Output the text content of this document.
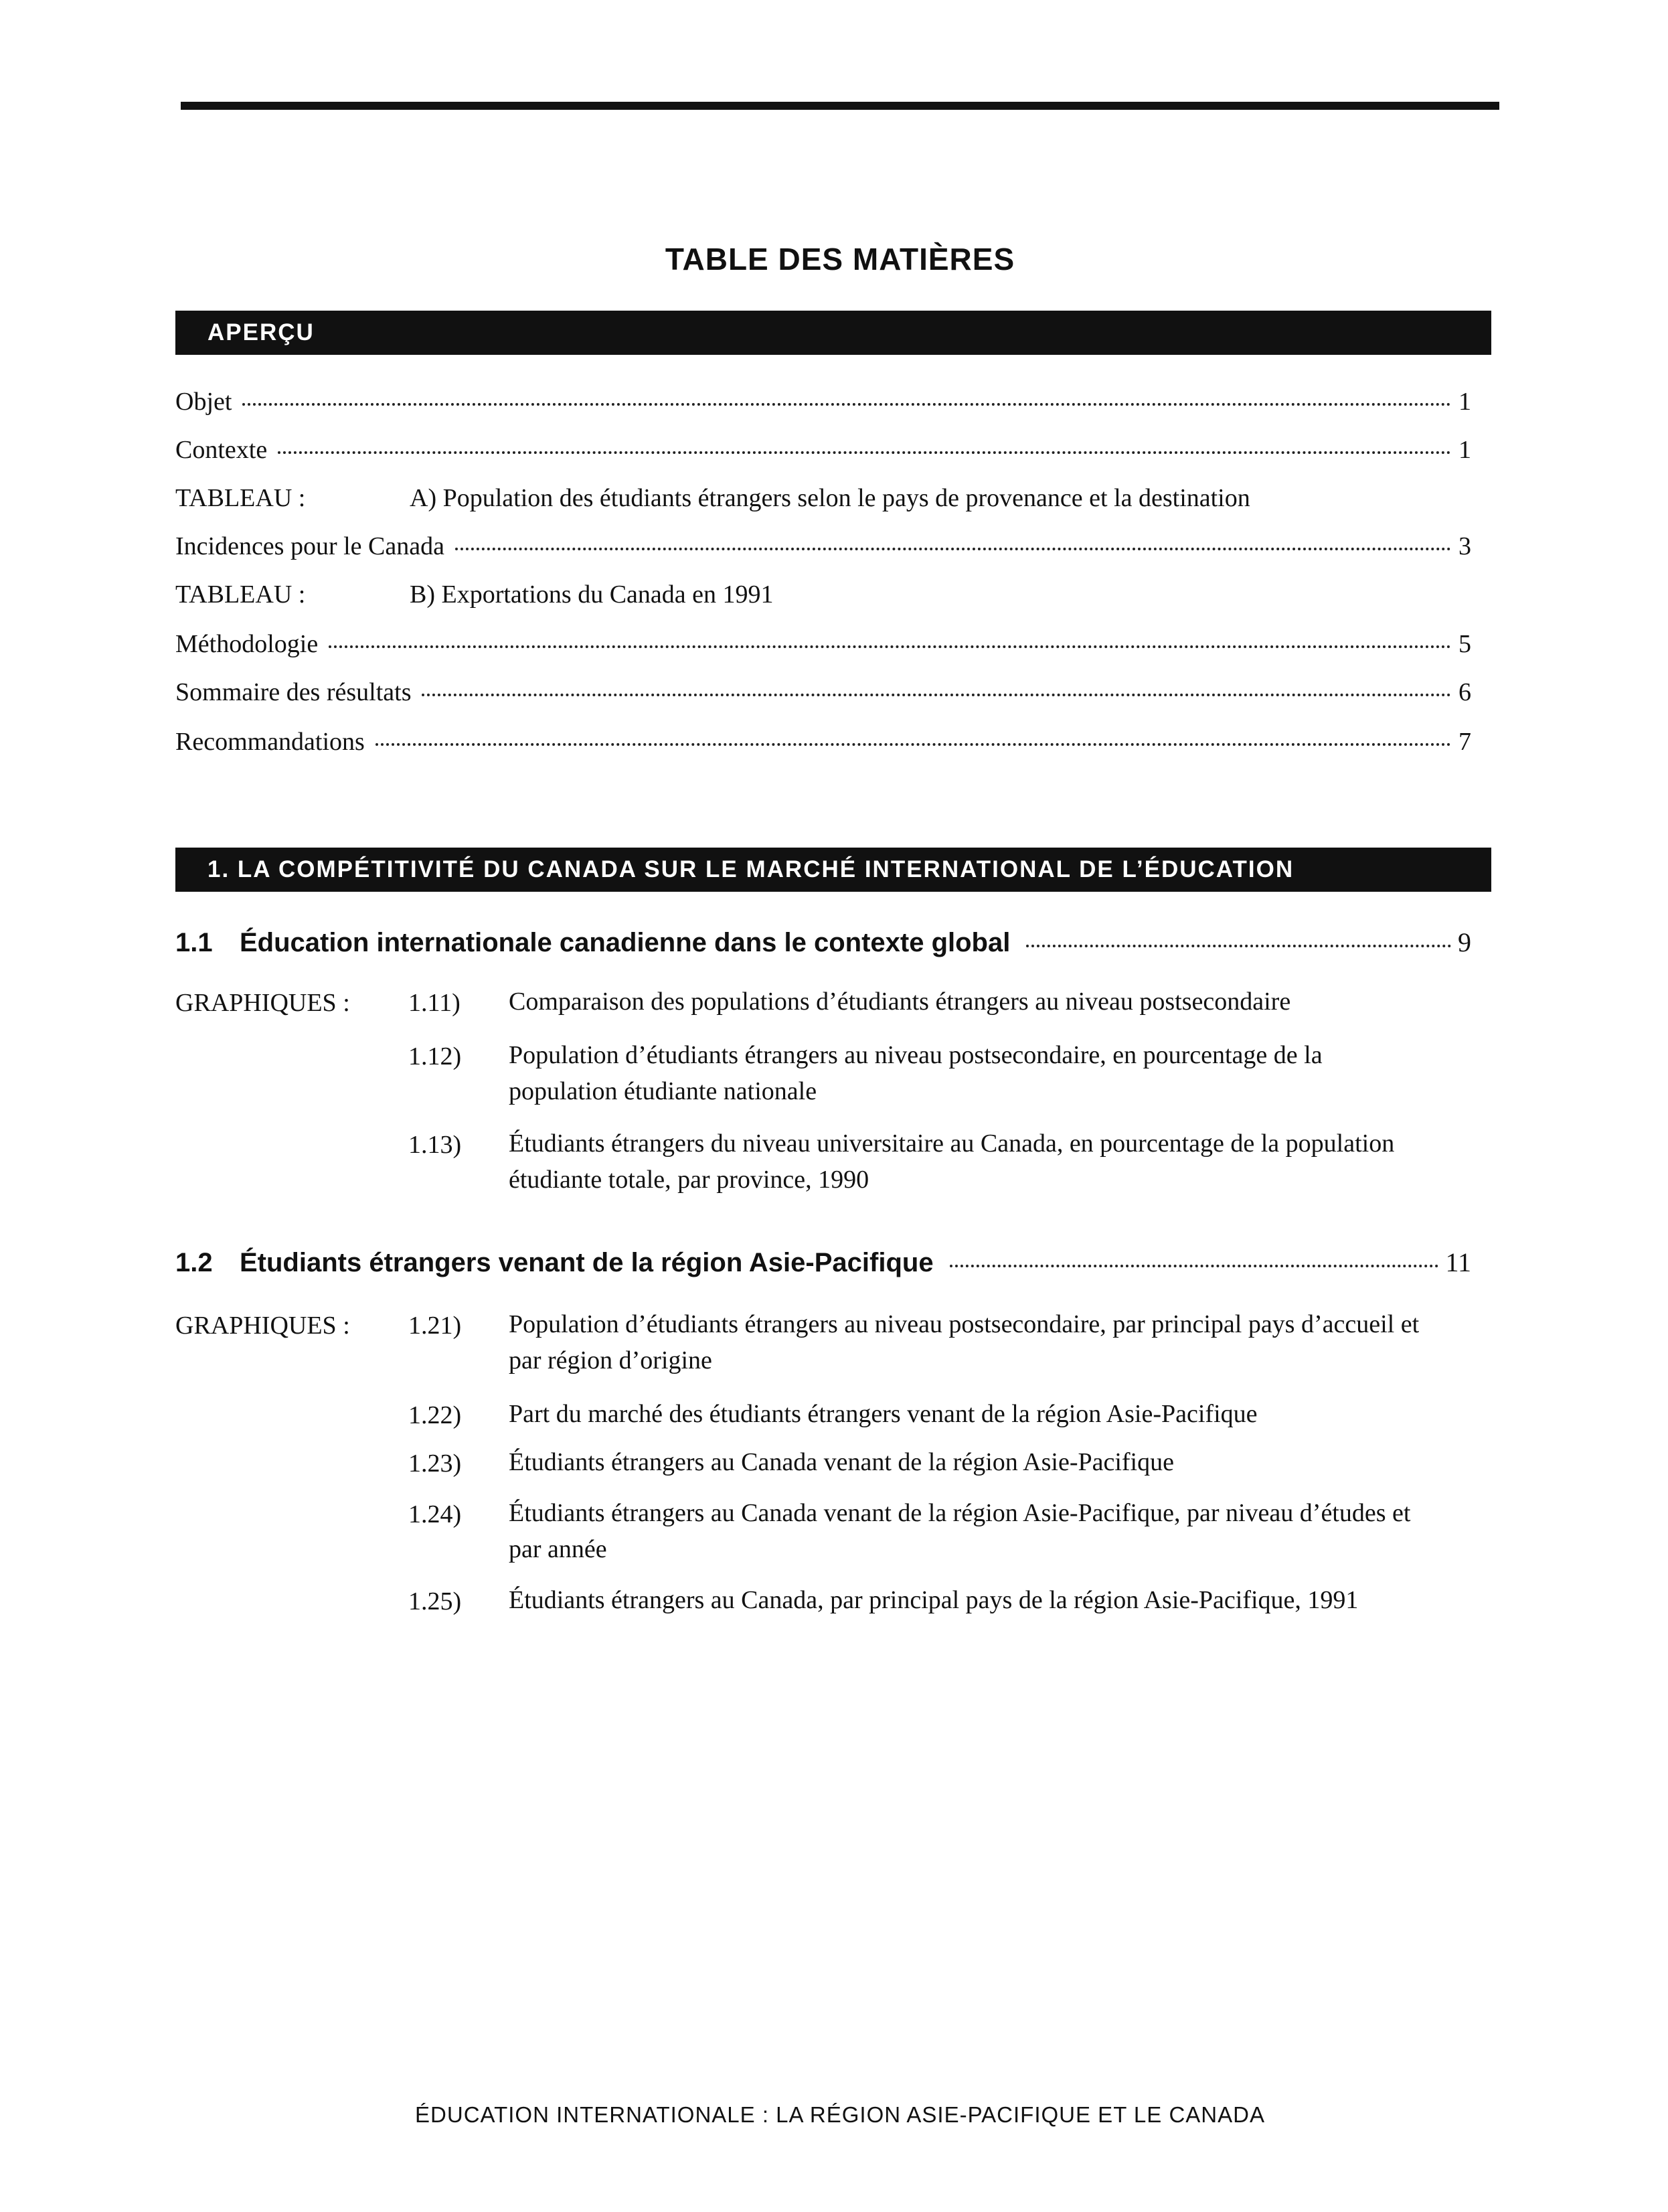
TABLE DES MATIÈRES
APERÇU
Objet	1
Contexte	1
TABLEAU :	A) Population des étudiants étrangers selon le pays de provenance et la destination
Incidences pour le Canada	3
TABLEAU :	B) Exportations du Canada en 1991
Méthodologie	5
Sommaire des résultats	6
Recommandations	7
1. LA COMPÉTITIVITÉ DU CANADA SUR LE MARCHÉ INTERNATIONAL DE L’ÉDUCATION
1.1	Éducation internationale canadienne dans le contexte global	9
GRAPHIQUES : 1.11) Comparaison des populations d’étudiants étrangers au niveau postsecondaire
1.12) Population d’étudiants étrangers au niveau postsecondaire, en pourcentage de la population étudiante nationale
1.13) Étudiants étrangers du niveau universitaire au Canada, en pourcentage de la population étudiante totale, par province, 1990
1.2	Étudiants étrangers venant de la région Asie-Pacifique	11
GRAPHIQUES : 1.21) Population d’étudiants étrangers au niveau postsecondaire, par principal pays d’accueil et par région d’origine
1.22) Part du marché des étudiants étrangers venant de la région Asie-Pacifique
1.23) Étudiants étrangers au Canada venant de la région Asie-Pacifique
1.24) Étudiants étrangers au Canada venant de la région Asie-Pacifique, par niveau d’études et par année
1.25) Étudiants étrangers au Canada, par principal pays de la région Asie-Pacifique, 1991
ÉDUCATION INTERNATIONALE : LA RÉGION ASIE-PACIFIQUE ET LE CANADA
